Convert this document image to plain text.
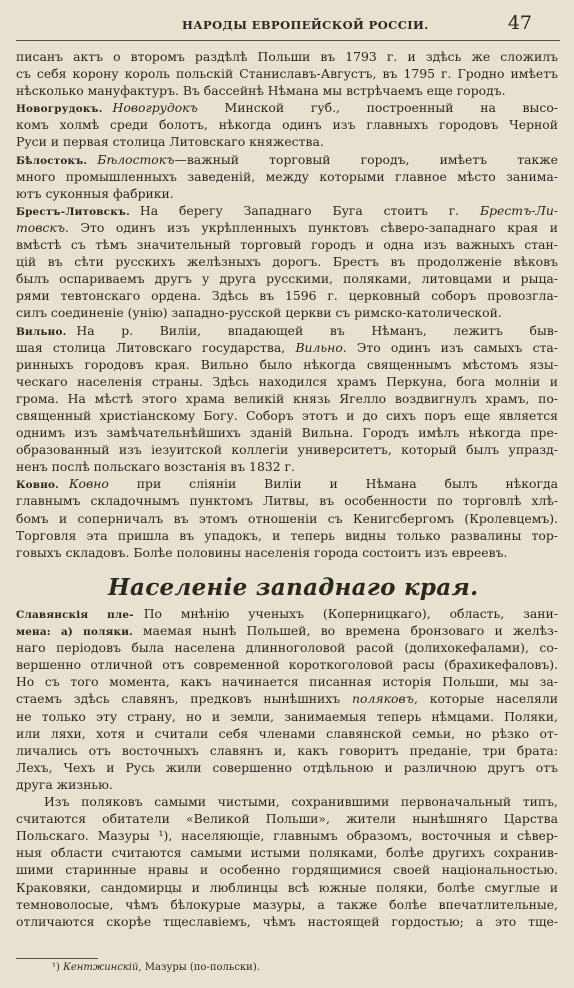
НАРОДЫ ЕВРОПЕЙСКОЙ РОССІИ.	47
писанъ актъ о второмъ раздѣлѣ Польши въ 1793 г. и здѣсь же сложилъ
съ себя корону король польскій Станиславъ-Августъ, въ 1795 г. Гродно имѣетъ
нѣсколько мануфактуръ. Въ бассейнѣ Нѣмана мы встрѣчаемъ еще городъ.
Новогрудокъ. Новогрудокъ Минской губ., построенный на высо-
комъ холмѣ среди болотъ, нѣкогда одинъ изъ главныхъ городовъ Черной
Руси и первая столица Литовскаго княжества.
Бѣлостокъ. Бѣлостокъ—важный торговый городъ, имѣетъ также
много промышленныхъ заведеній, между которыми главное мѣсто занима-
ютъ суконныя фабрики.
Брестъ-Литовскъ. На берегу Западнаго Буга стоитъ г. Брестъ-Ли-
товскъ. Это одинъ изъ укрѣпленныхъ пунктовъ сѣверо-западнаго края и
вмѣстѣ съ тѣмъ значительный торговый городъ и одна изъ важныхъ стан-
цій въ сѣти русскихъ желѣзныхъ дорогъ. Брестъ въ продолженіе вѣковъ
былъ оспариваемъ другъ у друга русскими, поляками, литовцами и рыца-
рями тевтонскаго ордена. Здѣсь въ 1596 г. церковный соборъ провозгла-
силъ соединеніе (унію) западно-русской церкви съ римско-католической.
Вильно. На р. Виліи, впадающей въ Нѣманъ, лежитъ быв-
шая столица Литовскаго государства, Вильно. Это одинъ изъ самыхъ ста-
ринныхъ городовъ края. Вильно было нѣкогда священнымъ мѣстомъ язы-
ческаго населенія страны. Здѣсь находился храмъ Перкуна, бога молніи и
грома. На мѣстѣ этого храма великій князь Ягелло воздвигнулъ храмъ, по-
священный христіанскому Богу. Соборъ этотъ и до сихъ поръ еще является
однимъ изъ замѣчательнѣйшихъ зданій Вильна. Городъ имѣлъ нѣкогда пре-
образованный изъ іезуитской коллегіи университетъ, который былъ упразд-
ненъ послѣ польскаго возстанія въ 1832 г.
Ковно. Ковно при сліяніи Виліи и Нѣмана былъ нѣкогда
главнымъ складочнымъ пунктомъ Литвы, въ особенности по торговлѣ хлѣ-
бомъ и соперничалъ въ этомъ отношеніи съ Кенигсбергомъ (Кролевцемъ).
Торговля эта пришла въ упадокъ, и теперь видны только развалины тор-
говыхъ складовъ. Болѣе половины населенія города состоитъ изъ евреевъ.
Населеніе западнаго края.
Славянскія пле- По мнѣнію ученыхъ (Коперницкаго), область, зани-
мена: а) поляки. маемая нынѣ Польшей, во времена бронзоваго и желѣз-
наго періодовъ была населена длинноголовой расой (долихокефалами), со-
вершенно отличной отъ современной короткоголовой расы (брахикефаловъ).
Но съ того момента, какъ начинается писанная исторія Польши, мы за-
стаемъ здѣсь славянъ, предковъ нынѣшнихъ поляковъ, которые населяли
не только эту страну, но и земли, занимаемыя теперь нѣмцами. Поляки,
или ляхи, хотя и считали себя членами славянской семьи, но рѣзко от-
личались отъ восточныхъ славянъ и, какъ говоритъ преданіе, три брата:
Лехъ, Чехъ и Русь жили совершенно отдѣльною и различною другъ отъ
друга жизнью.
Изъ поляковъ самыми чистыми, сохранившими первоначальный типъ,
считаются обитатели «Великой Польши», жители нынѣшняго Царства
Польскаго. Мазуры ¹), населяющіе, главнымъ образомъ, восточныя и сѣвер-
ныя области считаются самыми истыми поляками, болѣе другихъ сохранив-
шими старинные нравы и особенно гордящимися своей національностью.
Краковяки, сандомирцы и люблинцы всѣ южные поляки, болѣе смуглые и
темноволосые, чѣмъ бѣлокурые мазуры, а также болѣе впечатлительные,
отличаются скорѣе тщеславіемъ, чѣмъ настоящей гордостью; а это тще-
¹) Кентжинскій, Мазуры (по-польски).
